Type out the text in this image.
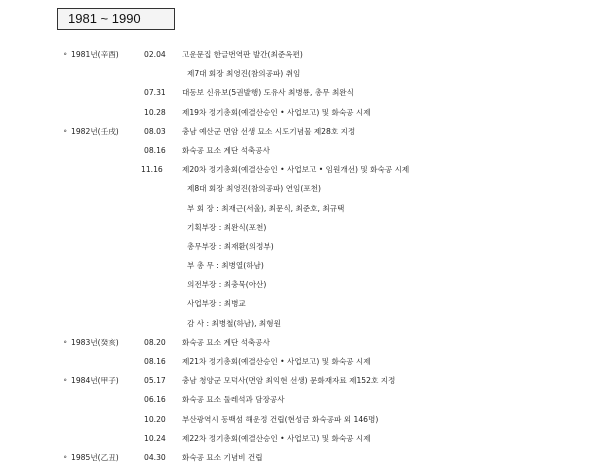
1981 ~ 1990
∘ 1981년(辛酉)	02.04 고운문집 한글번역판 발간(최준옥편)
제7대 회장 최영진(참의공파) 취임
07.31 대동보 신유보(5권발행) 도유사 최병룡, 총무 최완식
10.28 제19차 정기총회(예결산승인 • 사업보고) 및 화숙공 시제
∘ 1982년(壬戌)	08.03 충남 예산군 면암 선생 묘소 시도기념물 제28호 지정
08.16 화숙공 묘소 계단 석축공사
11.16	제20차 정기총회(예결산승인 • 사업보고 • 임원개선) 및 화숙공 시제
제8대 회장 최영진(참의공파) 연임(포천)
부 회 장 : 최재근(서울), 최문식, 최준호, 최규택
기획부장 : 최완식(포천)
총무부장 : 최재환(의정부)
부 총 무 : 최병열(하남)
의전부장 : 최충묵(아산)
사업부장 : 최병교
감 사 : 최병철(하남), 최형원
∘ 1983년(癸亥)	08.20 화숙공 묘소 계단 석축공사
08.16 제21차 정기총회(예결산승인 • 사업보고) 및 화숙공 시제
∘ 1984년(甲子)	05.17 충남 청양군 모덕사(면암 최익현 선생) 문화재자료 제152호 지정
06.16 화숙공 묘소 둘레석과 담장공사
10.20 부산광역시 동백섬 해운정 건립(현성금 화숙공파 외 146명)
10.24 제22차 정기총회(예결산승인 • 사업보고) 및 화숙공 시제
∘ 1985년(乙丑)	04.30 화숙공 묘소 기념비 건립
